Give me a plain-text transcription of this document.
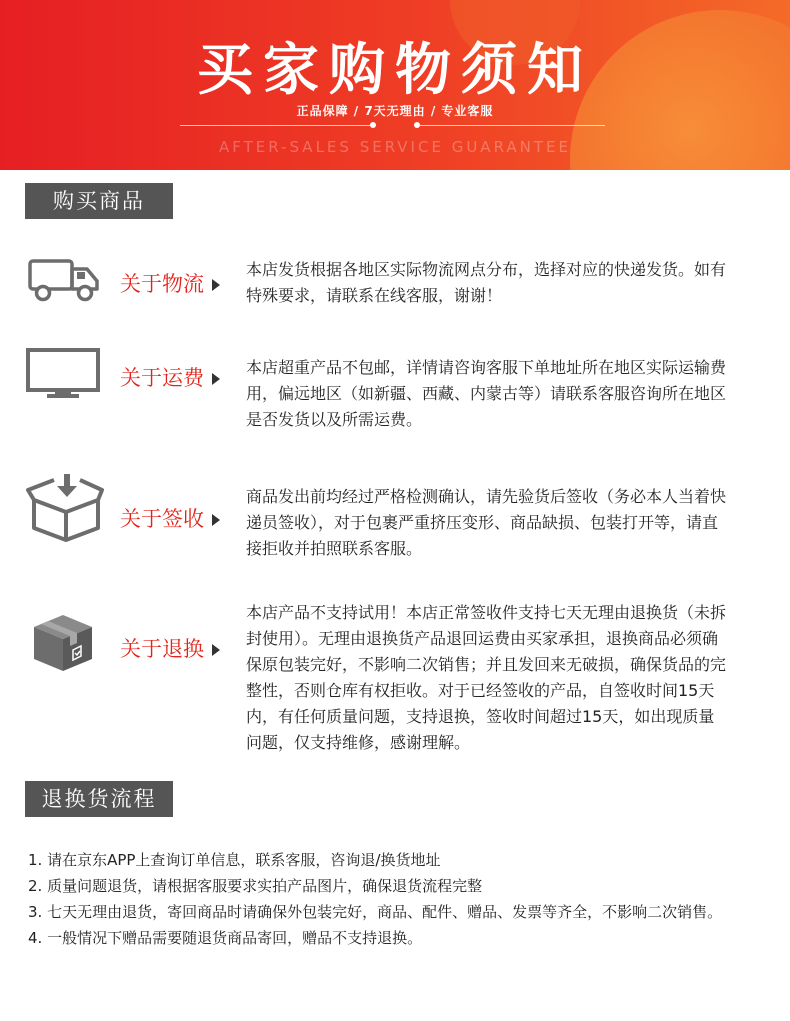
买家购物须知
正品保障 / 7天无理由 / 专业客服
AFTER-SALES SERVICE GUARANTEE
购买商品
关于物流
本店发货根据各地区实际物流网点分布，选择对应的快递发货。如有特殊要求，请联系在线客服，谢谢！
关于运费	本店超重产品不包邮，详情请咨询客服下单地址所在地区实际运输费用，偏远地区（如新疆、西藏、内蒙古等）请联系客服咨询所在地区是否发货以及所需运费。
关于签收
商品发出前均经过严格检测确认，请先验货后签收（务必本人当着快递员签收），对于包裹严重挤压变形、商品缺损、包装打开等，请直接拒收并拍照联系客服。
关于退换
本店产品不支持试用！本店正常签收件支持七天无理由退换货（未拆封使用）。无理由退换货产品退回运费由买家承担，退换商品必须确保原包装完好，不影响二次销售；并且发回来无破损，确保货品的完整性，否则仓库有权拒收。对于已经签收的产品，自签收时间15天内，有任何质量问题，支持退换，签收时间超过15天，如出现质量问题，仅支持维修，感谢理解。
退换货流程

1. 请在京东APP上查询订单信息，联系客服，咨询退/换货地址

2. 质量问题退货，请根据客服要求实拍产品图片，确保退货流程完整

3. 七天无理由退货，寄回商品时请确保外包装完好，商品、配件、赠品、发票等齐全，不影响二次销售。

4. 一般情况下赠品需要随退货商品寄回，赠品不支持退换。
